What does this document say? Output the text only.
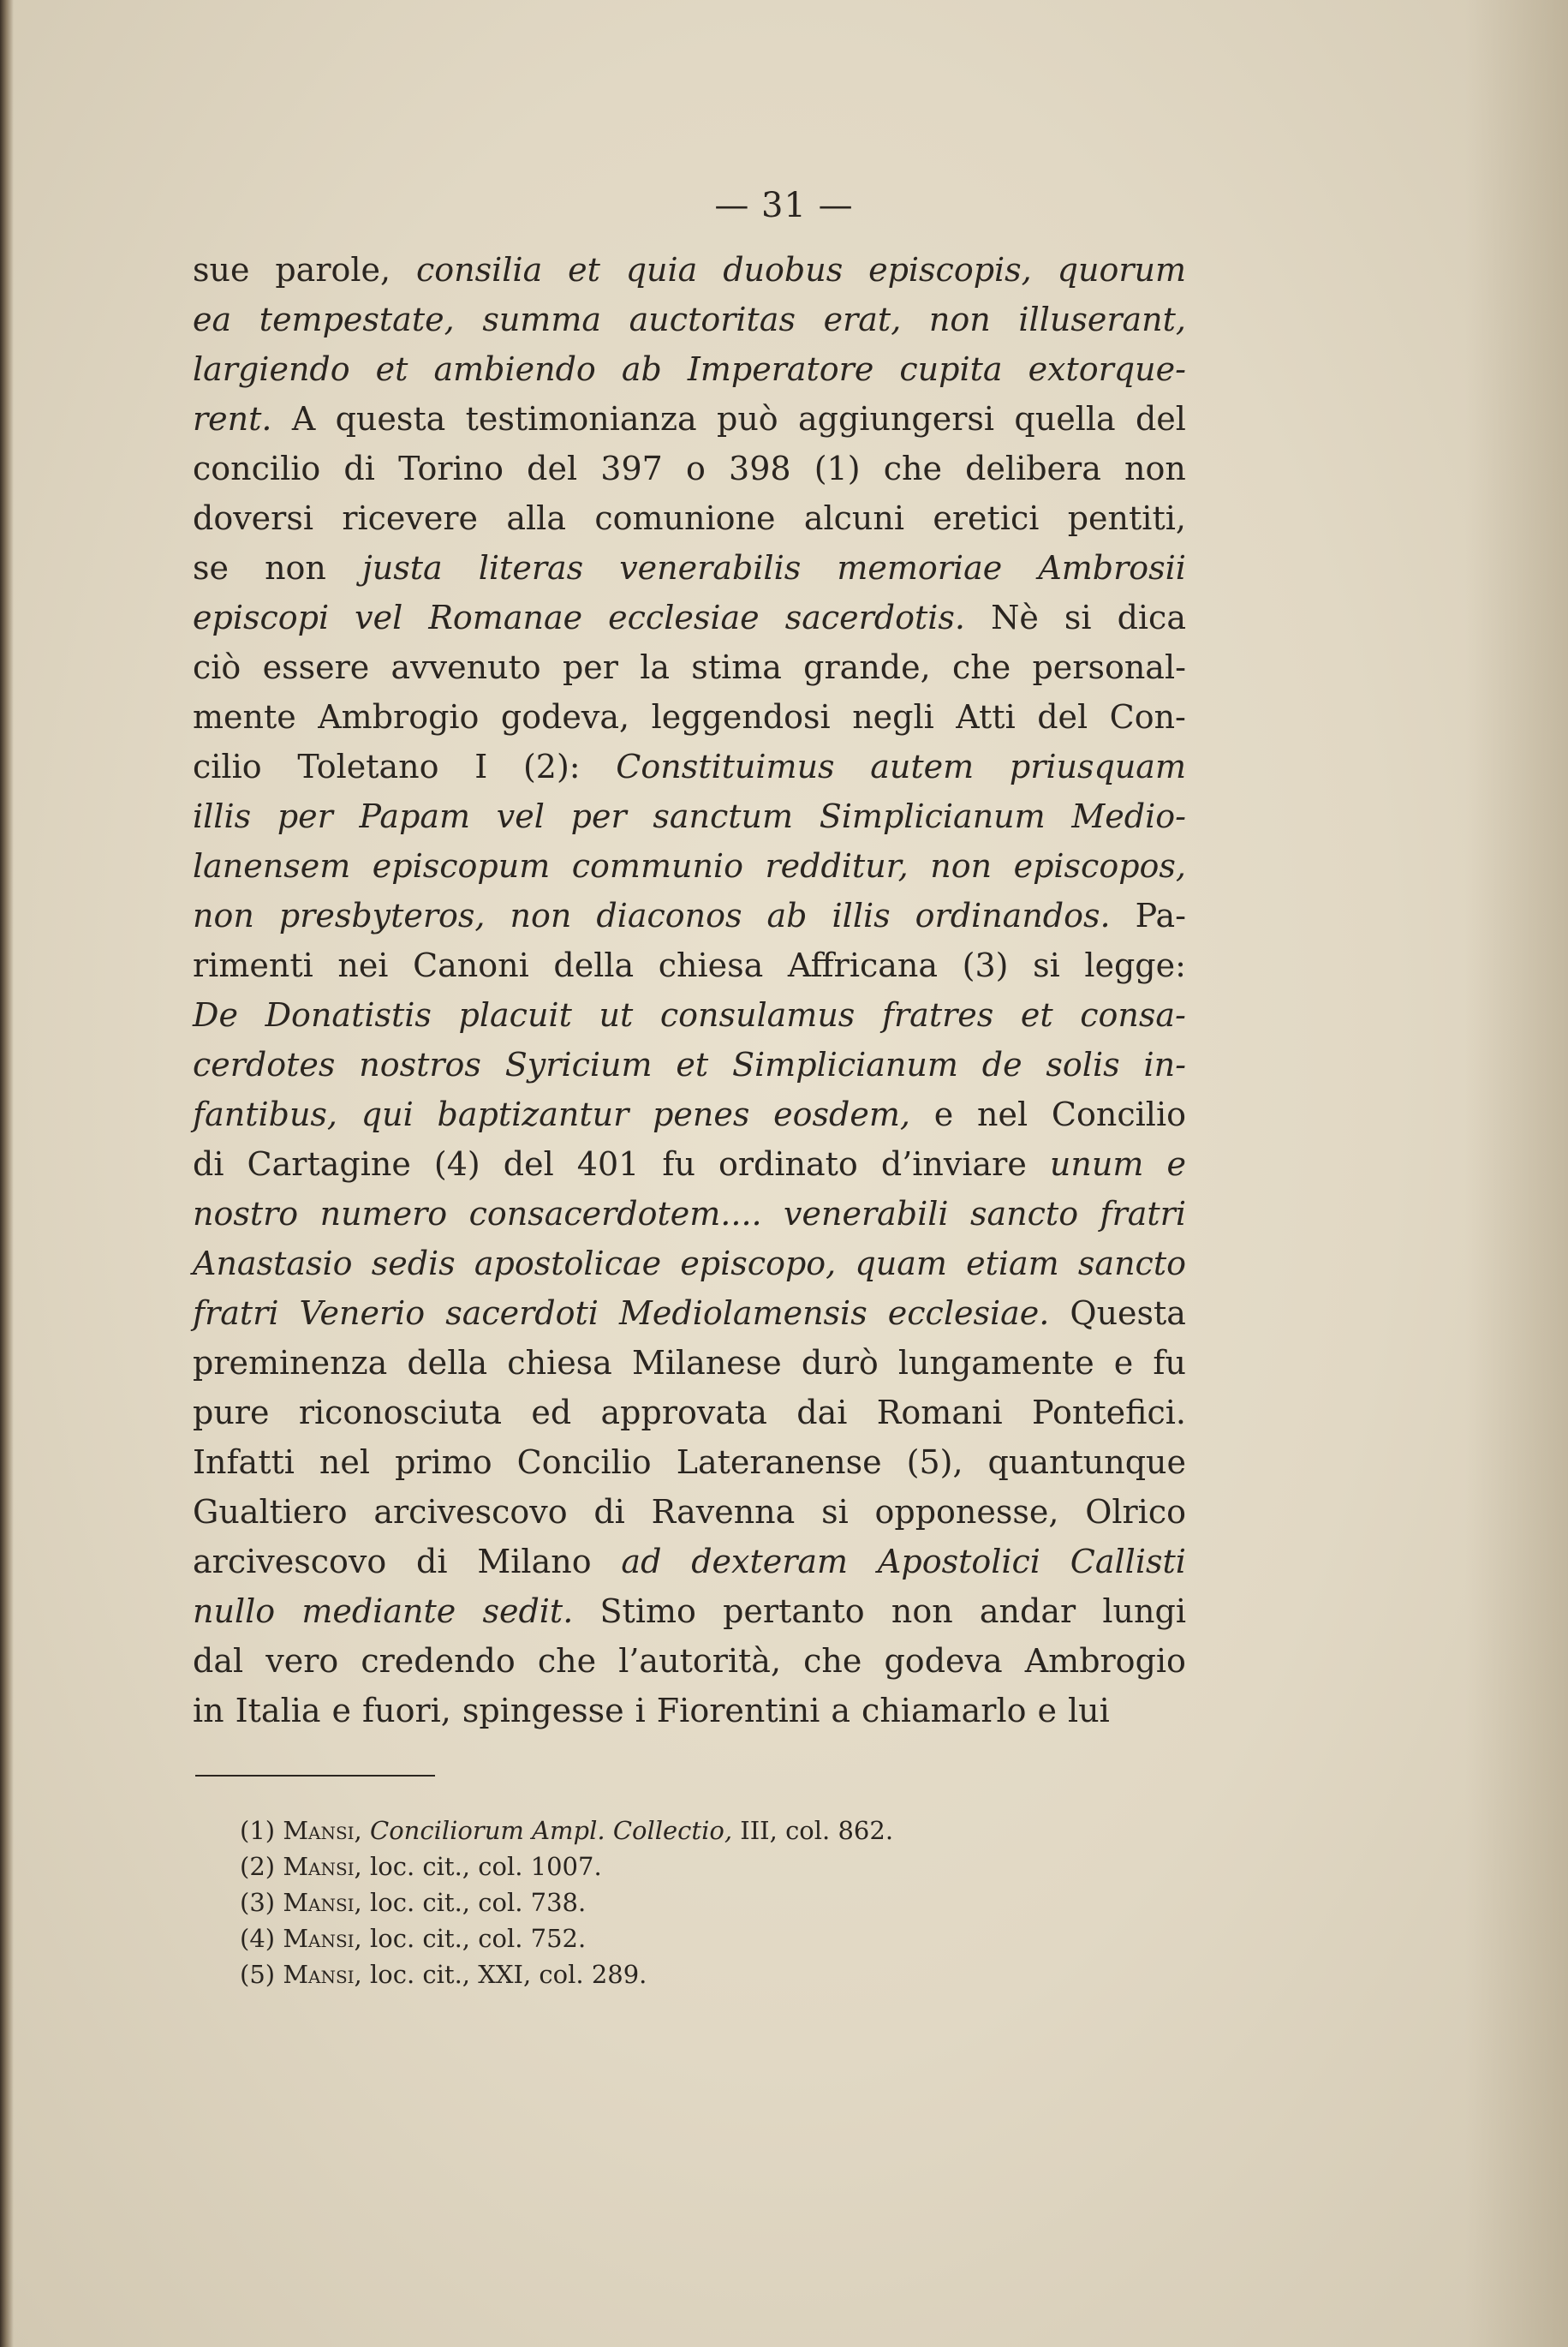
— 31 —
sue parole, consilia et quia duobus episcopis, quorum
ea tempestate, summa auctoritas erat, non illuserant,
largiendo et ambiendo ab Imperatore cupita extorque-
rent. A questa testimonianza può aggiungersi quella del
concilio di Torino del 397 o 398 (1) che delibera non
doversi ricevere alla comunione alcuni eretici pentiti,
se non justa literas venerabilis memoriae Ambrosii
episcopi vel Romanae ecclesiae sacerdotis. Nè si dica
ciò essere avvenuto per la stima grande, che personal-
mente Ambrogio godeva, leggendosi negli Atti del Con-
cilio Toletano I (2): Constituimus autem priusquam
illis per Papam vel per sanctum Simplicianum Medio-
lanensem episcopum communio redditur, non episcopos,
non presbyteros, non diaconos ab illis ordinandos. Pa-
rimenti nei Canoni della chiesa Affricana (3) si legge:
De Donatistis placuit ut consulamus fratres et consa-
cerdotes nostros Syricium et Simplicianum de solis in-
fantibus, qui baptizantur penes eosdem, e nel Concilio
di Cartagine (4) del 401 fu ordinato d’inviare unum e
nostro numero consacerdotem.... venerabili sancto fratri
Anastasio sedis apostolicae episcopo, quam etiam sancto
fratri Venerio sacerdoti Mediolamensis ecclesiae. Questa
preminenza della chiesa Milanese durò lungamente e fu
pure riconosciuta ed approvata dai Romani Pontefici.
Infatti nel primo Concilio Lateranense (5), quantunque
Gualtiero arcivescovo di Ravenna si opponesse, Olrico
arcivescovo di Milano ad dexteram Apostolici Callisti
nullo mediante sedit. Stimo pertanto non andar lungi
dal vero credendo che l’autorità, che godeva Ambrogio
in Italia e fuori, spingesse i Fiorentini a chiamarlo e lui
(1) Mansi, Conciliorum Ampl. Collectio, III, col. 862.
(2) Mansi, loc. cit., col. 1007.
(3) Mansi, loc. cit., col. 738.
(4) Mansi, loc. cit., col. 752.
(5) Mansi, loc. cit., XXI, col. 289.
